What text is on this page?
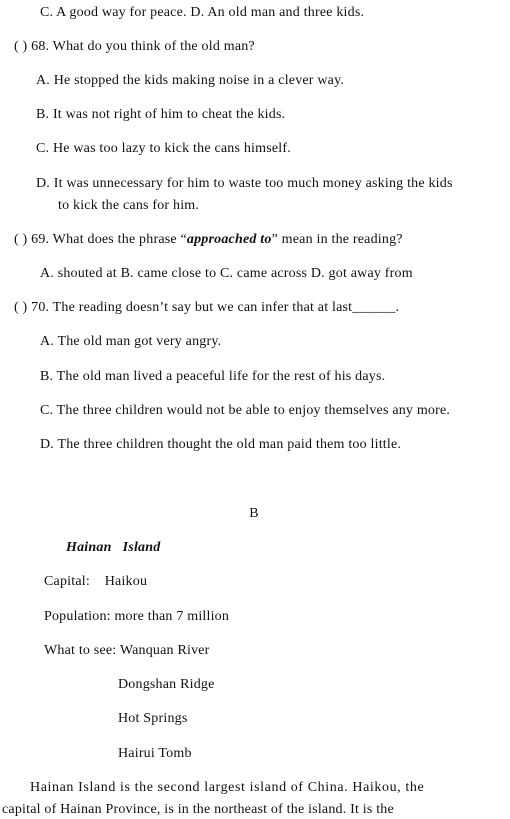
C. A good way for peace. D. An old man and three kids.
( ) 68. What do you think of the old man?
A. He stopped the kids making noise in a clever way.
B. It was not right of him to cheat the kids.
C. He was too lazy to kick the cans himself.
D. It was unnecessary for him to waste too much money asking the kids
to kick the cans for him.
( ) 69. What does the phrase “approached to” mean in the reading?
A. shouted at B. came close to C. came across D. got away from
( ) 70. The reading doesn’t say but we can infer that at last______.
A. The old man got very angry.
B. The old man lived a peaceful life for the rest of his days.
C. The three children would not be able to enjoy themselves any more.
D. The three children thought the old man paid them too little.
B
Hainan   Island
Capital:    Haikou
Population: more than 7 million
What to see: Wanquan River
Dongshan Ridge
Hot Springs
Hairui Tomb
Hainan Island is the second largest island of China. Haikou, the
capital of Hainan Province, is in the northeast of the island. It is the
